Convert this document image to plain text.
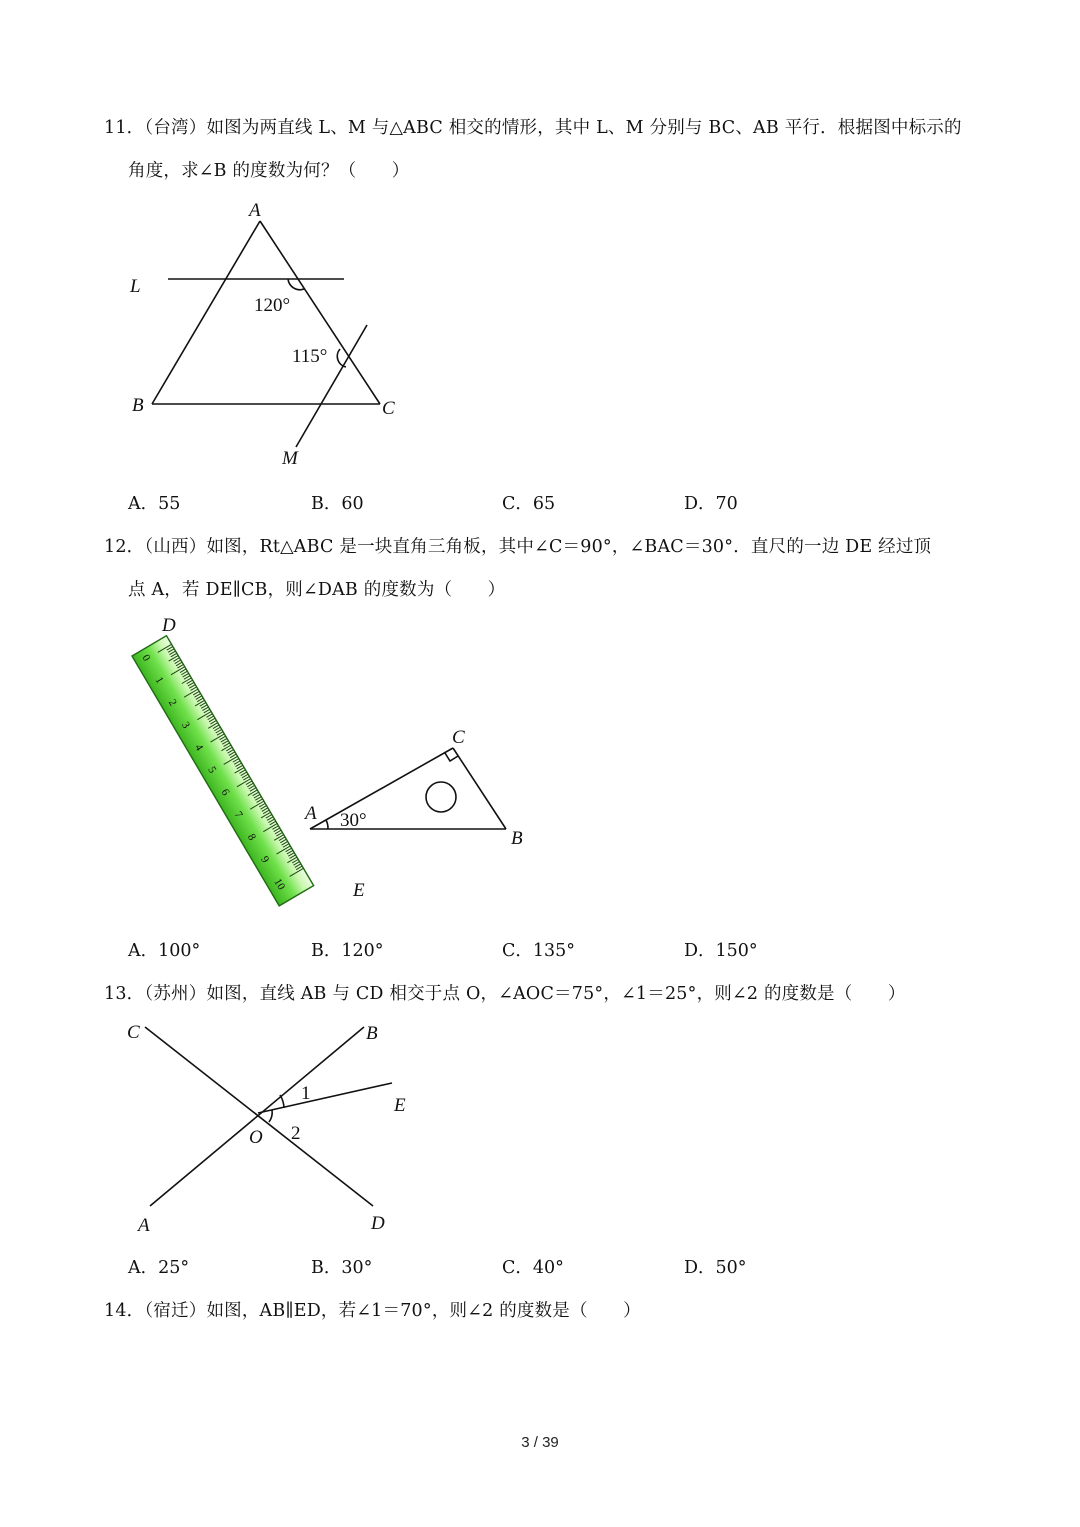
11．（台湾）如图为两直线 L、M 与△ABC 相交的情形，其中 L、M 分别与 BC、AB 平行．根据图中标示的
角度，求∠B 的度数为何？（　　）
A
L
B	C
M
120°
115°
A．55	B．60	C．65	D．70
12．（山西）如图，Rt△ABC 是一块直角三角板，其中∠C＝90°，∠BAC＝30°．直尺的一边 DE 经过顶
点 A，若 DE∥CB，则∠DAB 的度数为（　　）
0
1
2
3
4
5
6
7
8
9
10
D
C
A
B
E
30°
A．100°	B．120°	C．135°	D．150°
13．（苏州）如图，直线 AB 与 CD 相交于点 O，∠AOC＝75°，∠1＝25°，则∠2 的度数是（　　）
C	B
E
O
A	D
1
2
A．25°	B．30°	C．40°	D．50°
14．（宿迁）如图，AB∥ED，若∠1＝70°，则∠2 的度数是（　　）
3 / 39
